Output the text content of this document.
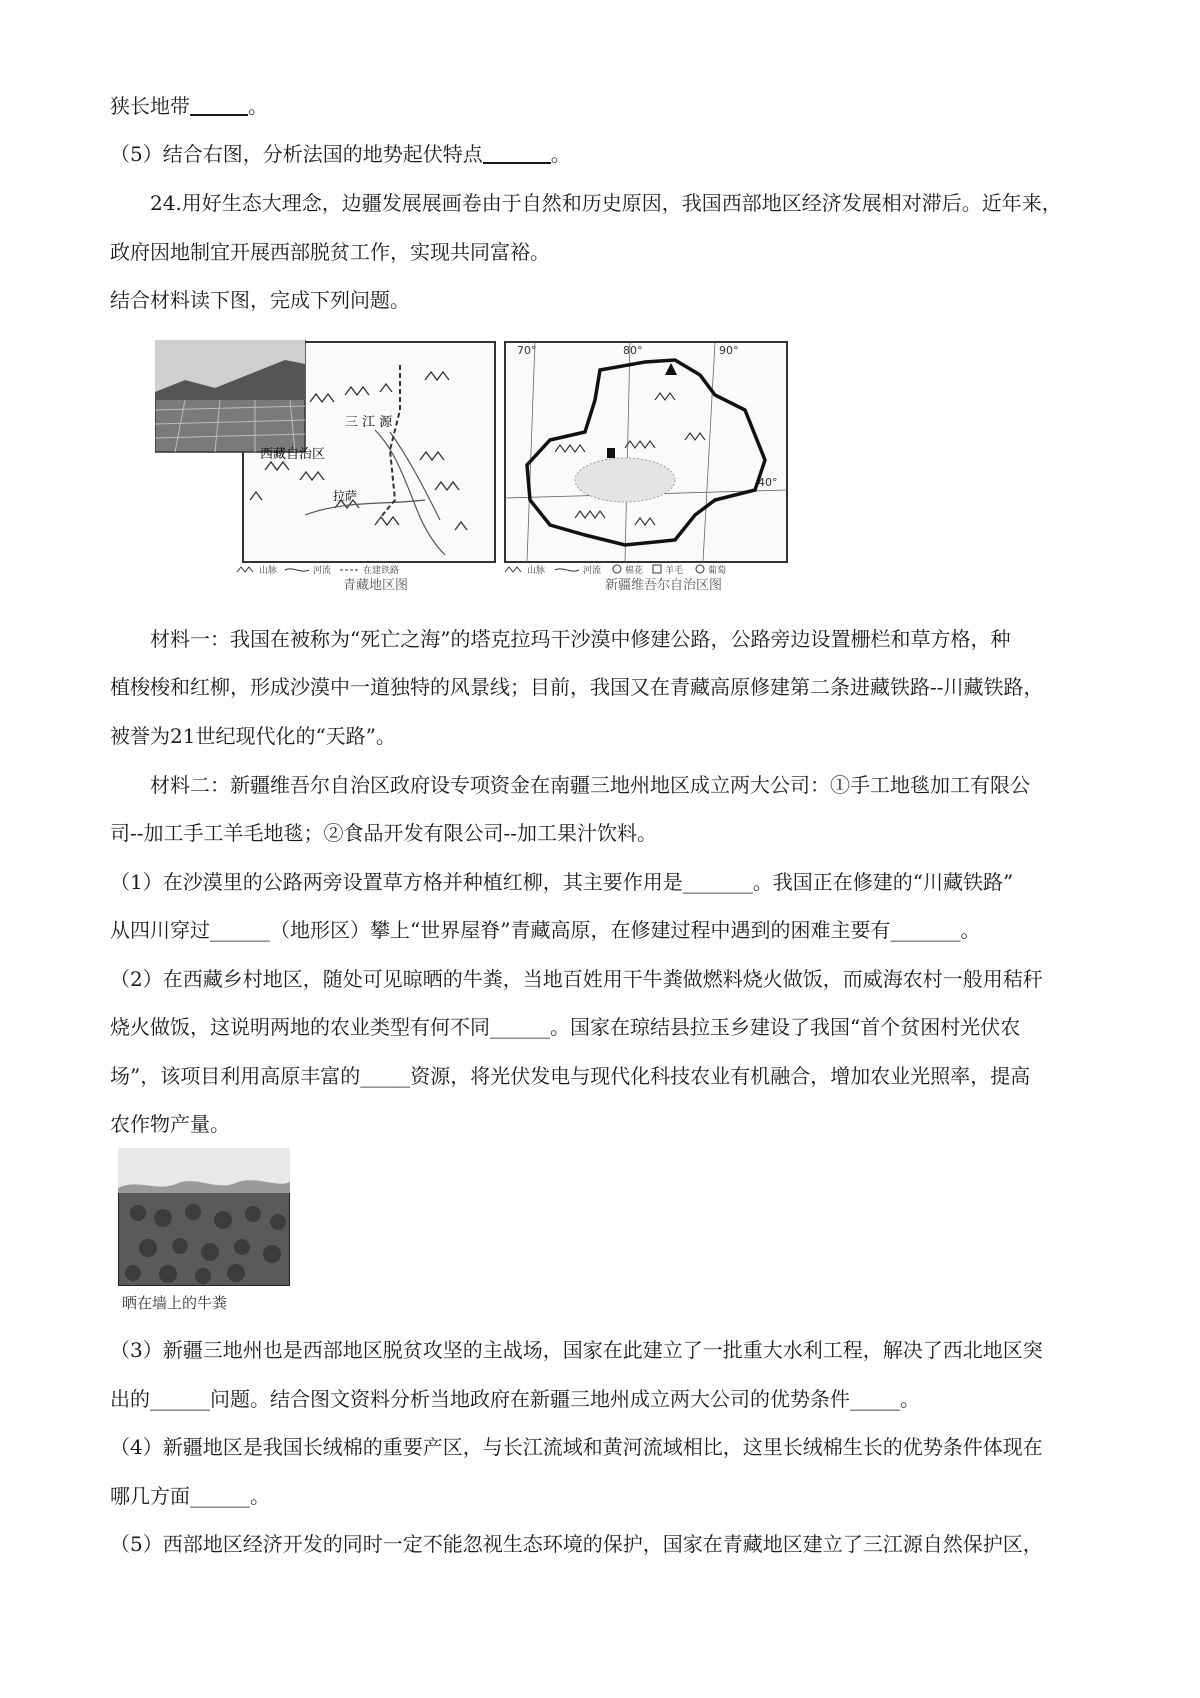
狭长地带	。
（5）结合右图，分析法国的地势起伏特点	。
24.用好生态大理念，边疆发展展画卷由于自然和历史原因，我国西部地区经济发展相对滞后。近年来，
政府因地制宜开展西部脱贫工作，实现共同富裕。
结合材料读下图，完成下列问题。
西藏自治区
三 江 源
拉萨
山脉	河流	在建铁路
70°	80°	90°
40°
山脉	河流	棉花 羊毛	葡萄
青藏地区图	新疆维吾尔自治区图
材料一：我国在被称为“死亡之海”的塔克拉玛干沙漠中修建公路，公路旁边设置栅栏和草方格，种
植梭梭和红柳，形成沙漠中一道独特的风景线；目前，我国又在青藏高原修建第二条进藏铁路--川藏铁路，
被誉为21世纪现代化的“天路”。
材料二：新疆维吾尔自治区政府设专项资金在南疆三地州地区成立两大公司：①手工地毯加工有限公
司--加工手工羊毛地毯；②食品开发有限公司--加工果汁饮料。
（1）在沙漠里的公路两旁设置草方格并种植红柳，其主要作用是_______。我国正在修建的“川藏铁路”
从四川穿过______（地形区）攀上“世界屋脊”青藏高原，在修建过程中遇到的困难主要有_______。
（2）在西藏乡村地区，随处可见晾晒的牛粪，当地百姓用干牛粪做燃料烧火做饭，而威海农村一般用秸秆
烧火做饭，这说明两地的农业类型有何不同______。国家在琼结县拉玉乡建设了我国“首个贫困村光伏农
场”，该项目利用高原丰富的_____资源，将光伏发电与现代化科技农业有机融合，增加农业光照率，提高
农作物产量。
晒在墙上的牛粪
（3）新疆三地州也是西部地区脱贫攻坚的主战场，国家在此建立了一批重大水利工程，解决了西北地区突
出的______问题。结合图文资料分析当地政府在新疆三地州成立两大公司的优势条件_____。
（4）新疆地区是我国长绒棉的重要产区，与长江流域和黄河流域相比，这里长绒棉生长的优势条件体现在
哪几方面______。
（5）西部地区经济开发的同时一定不能忽视生态环境的保护，国家在青藏地区建立了三江源自然保护区，
